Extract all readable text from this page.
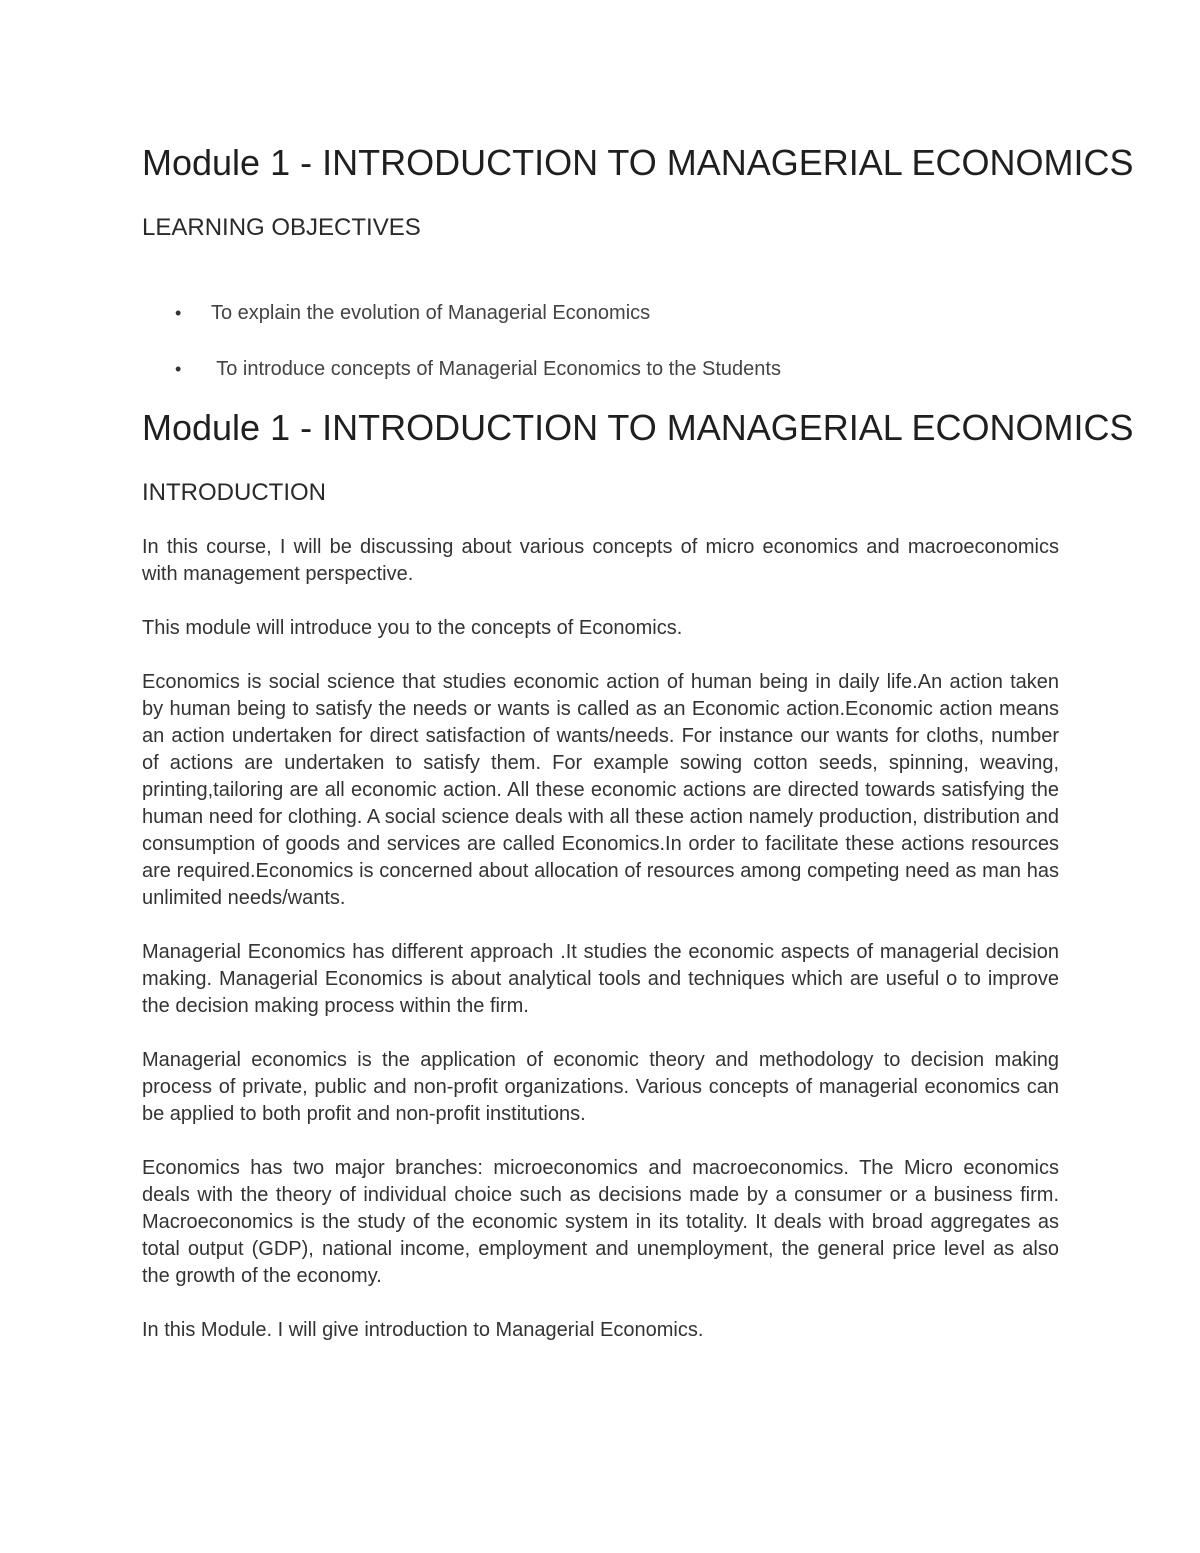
Module 1 - INTRODUCTION TO MANAGERIAL ECONOMICS
LEARNING OBJECTIVES
• To explain the evolution of Managerial Economics
• To introduce concepts of Managerial Economics to the Students
Module 1 - INTRODUCTION TO MANAGERIAL ECONOMICS
INTRODUCTION

In this course, I will be discussing about various concepts of micro economics and macroeconomics with management perspective.

This module will introduce you to the concepts of Economics.

Economics is social science that studies economic action of human being in daily life.An action taken by human being to satisfy the needs or wants is called as an Economic action.Economic action means an action undertaken for direct satisfaction of wants/needs. For instance our wants for cloths, number of actions are undertaken to satisfy them. For example sowing cotton seeds, spinning, weaving, printing,tailoring are all economic action. All these economic actions are directed towards satisfying the human need for clothing. A social science deals with all these action namely production, distribution and consumption of goods and services are called Economics.In order to facilitate these actions resources are required.Economics is concerned about allocation of resources among competing need as man has unlimited needs/wants.

Managerial Economics has different approach .It studies the economic aspects of managerial decision making. Managerial Economics is about analytical tools and techniques which are useful o to improve the decision making process within the firm.

Managerial economics is the application of economic theory and methodology to decision making process of private, public and non-profit organizations. Various concepts of managerial economics can be applied to both profit and non-profit institutions.

Economics has two major branches: microeconomics and macroeconomics. The Micro economics deals with the theory of individual choice such as decisions made by a consumer or a business firm. Macroeconomics is the study of the economic system in its totality. It deals with broad aggregates as total output (GDP), national income, employment and unemployment, the general price level as also the growth of the economy.

In this Module. I will give introduction to Managerial Economics.
